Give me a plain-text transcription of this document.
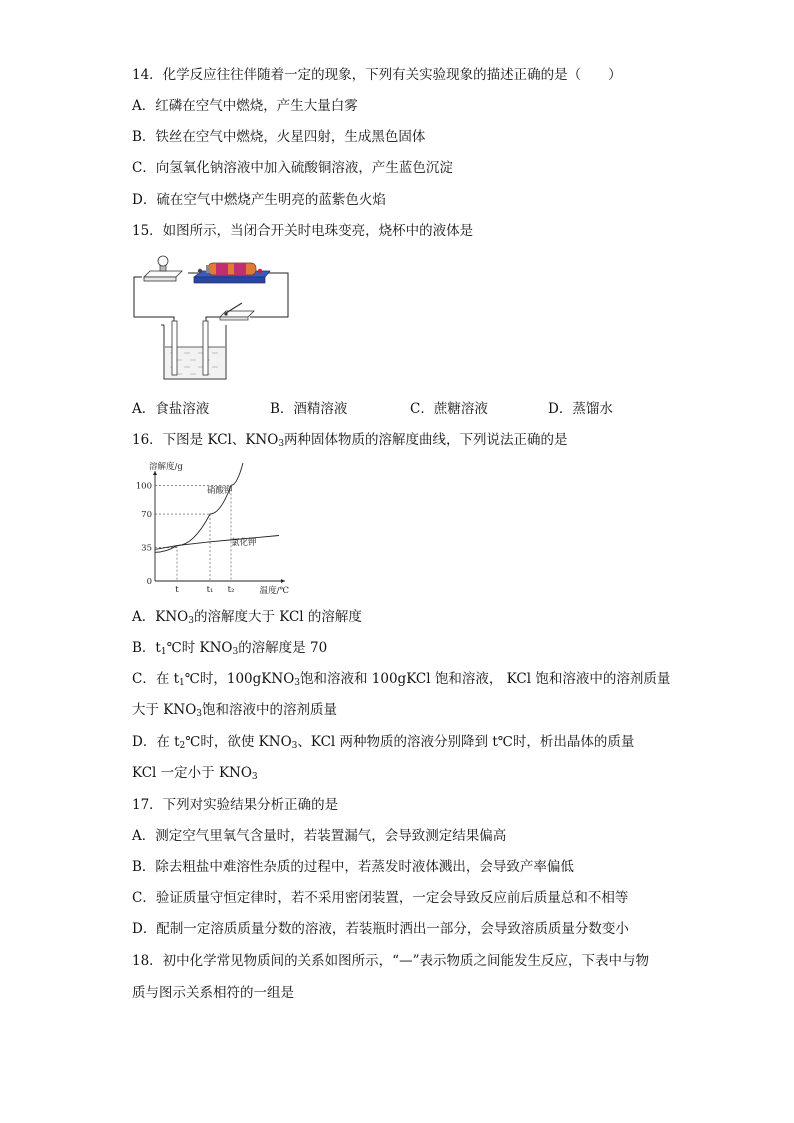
14．化学反应往往伴随着一定的现象，下列有关实验现象的描述正确的是（　　）
A．红磷在空气中燃烧，产生大量白雾
B．铁丝在空气中燃烧，火星四射，生成黑色固体
C．向氢氧化钠溶液中加入硫酸铜溶液，产生蓝色沉淀
D．硫在空气中燃烧产生明亮的蓝紫色火焰
15．如图所示，当闭合开关时电珠变亮，烧杯中的液体是
A．食盐溶液	B．酒精溶液	C．蔗糖溶液	D．蒸馏水
16．下图是 KCl、$KNO_3$两种固体物质的溶解度曲线，下列说法正确的是
溶解度/g
温度/℃
0
35
70
100
t	t₁ t₂
硝酸钾
氯化钾
A．$KNO_3$的溶解度大于 KCl 的溶解度
B．$t_1℃$时 $KNO_3$的溶解度是 70
C．在 $t_1℃$时，100gKNO$_3$饱和溶液和 100gKCl 饱和溶液， KCl 饱和溶液中的溶剂质量
大于 $KNO_3$饱和溶液中的溶剂质量
D．在 $t_2℃$时，欲使 $KNO_3$、KCl 两种物质的溶液分别降到 t℃时，析出晶体的质量
KCl 一定小于 $KNO_3$
17．下列对实验结果分析正确的是
A．测定空气里氧气含量时，若装置漏气，会导致测定结果偏高
B．除去粗盐中难溶性杂质的过程中，若蒸发时液体溅出，会导致产率偏低
C．验证质量守恒定律时，若不采用密闭装置，一定会导致反应前后质量总和不相等
D．配制一定溶质质量分数的溶液，若装瓶时洒出一部分，会导致溶质质量分数变小
18．初中化学常见物质间的关系如图所示，“—”表示物质之间能发生反应，下表中与物
质与图示关系相符的一组是
